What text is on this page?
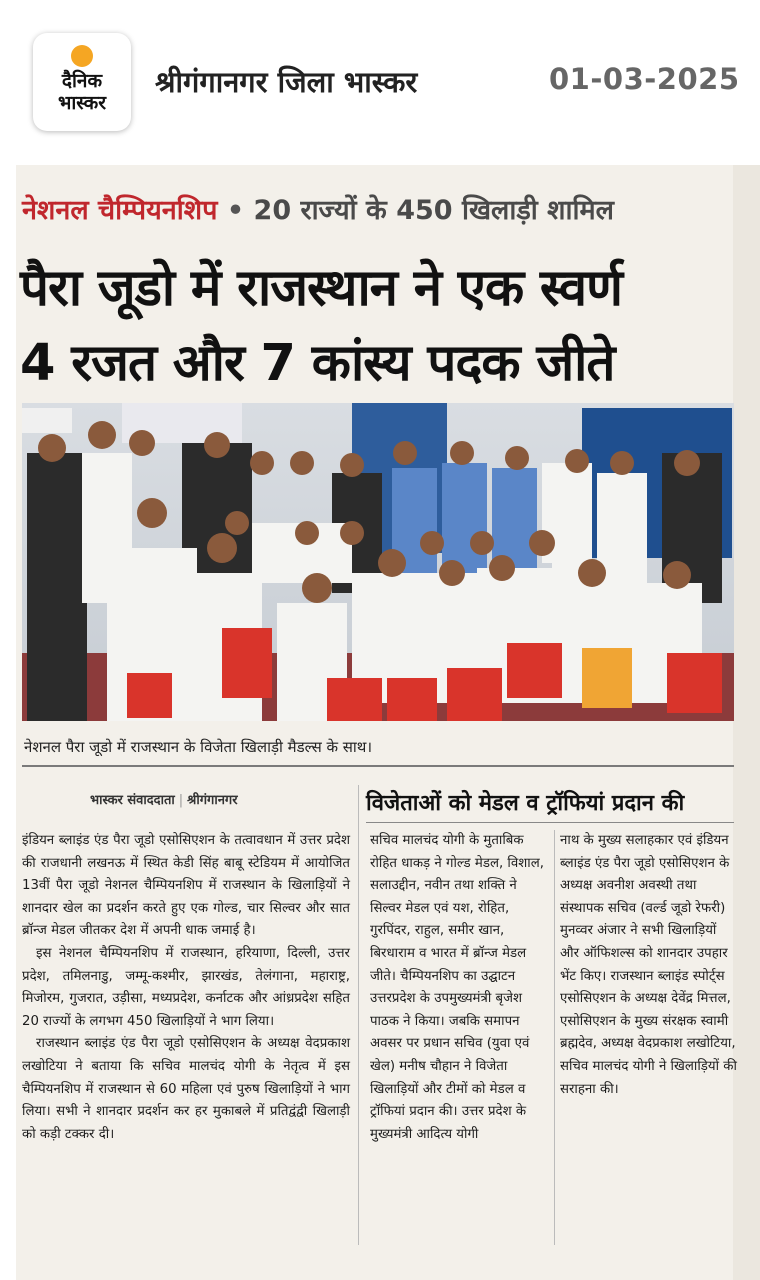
दैनिक
भास्कर
श्रीगंगानगर जिला भास्कर	01-03-2025
नेशनल चैम्पियनशिप • 20 राज्यों के 450 खिलाड़ी शामिल
पैरा जूडो में राजस्थान ने एक स्वर्ण
4 रजत और 7 कांस्य पदक जीते
नेशनल पैरा जूडो में राजस्थान के विजेता खिलाड़ी मैडल्स के साथ।
भास्कर संवाददाता | श्रीगंगानगर	विजेताओं को मेडल व ट्रॉफियां प्रदान की

इंडियन ब्लाइंड एंड पैरा जूडो एसोसिएशन के तत्वावधान में उत्तर प्रदेश की राजधानी लखनऊ में स्थित केडी सिंह बाबू स्टेडियम में आयोजित 13वीं पैरा जूडो नेशनल चैम्पियनशिप में राजस्थान के खिलाड़ियों ने शानदार खेल का प्रदर्शन करते हुए एक गोल्ड, चार सिल्वर और सात ब्रॉन्ज मेडल जीतकर देश में अपनी धाक जमाई है।

इस नेशनल चैम्पियनशिप में राजस्थान, हरियाणा, दिल्ली, उत्तर प्रदेश, तमिलनाडु, जम्मू-कश्मीर, झारखंड, तेलंगाना, महाराष्ट्र, मिजोरम, गुजरात, उड़ीसा, मध्यप्रदेश, कर्नाटक और आंध्रप्रदेश सहित 20 राज्यों के लगभग 450 खिलाड़ियों ने भाग लिया।

राजस्थान ब्लाइंड एंड पैरा जूडो एसोसिएशन के अध्यक्ष वेदप्रकाश लखोटिया ने बताया कि सचिव मालचंद योगी के नेतृत्व में इस चैम्पियनशिप में राजस्थान से 60 महिला एवं पुरुष खिलाड़ियों ने भाग लिया। सभी ने शानदार प्रदर्शन कर हर मुकाबले में प्रतिद्वंद्वी खिलाड़ी को कड़ी टक्कर दी।

सचिव मालचंद योगी के मुताबिक रोहित धाकड़ ने गोल्ड मेडल, विशाल, सलाउद्दीन, नवीन तथा शक्ति ने सिल्वर मेडल एवं यश, रोहित, गुरपिंदर, राहुल, समीर खान, बिरधाराम व भारत में ब्रॉन्ज मेडल जीते। चैम्पियनशिप का उद्घाटन उत्तरप्रदेश के उपमुख्यमंत्री बृजेश पाठक ने किया। जबकि समापन अवसर पर प्रधान सचिव (युवा एवं खेल) मनीष चौहान ने विजेता खिलाड़ियों और टीमों को मेडल व ट्रॉफियां प्रदान की। उत्तर प्रदेश के मुख्यमंत्री आदित्य योगी
नाथ के मुख्य सलाहकार एवं इंडियन ब्लाइंड एंड पैरा जूडो एसोसिएशन के अध्यक्ष अवनीश अवस्थी तथा संस्थापक सचिव (वर्ल्ड जूडो रेफरी) मुनव्वर अंजार ने सभी खिलाड़ियों और ऑफिशल्स को शानदार उपहार भेंट किए। राजस्थान ब्लाइंड स्पोर्ट्स एसोसिएशन के अध्यक्ष देवेंद्र मित्तल, एसोसिएशन के मुख्य संरक्षक स्वामी ब्रह्मदेव, अध्यक्ष वेदप्रकाश लखोटिया, सचिव मालचंद योगी ने खिलाड़ियों की सराहना की।
